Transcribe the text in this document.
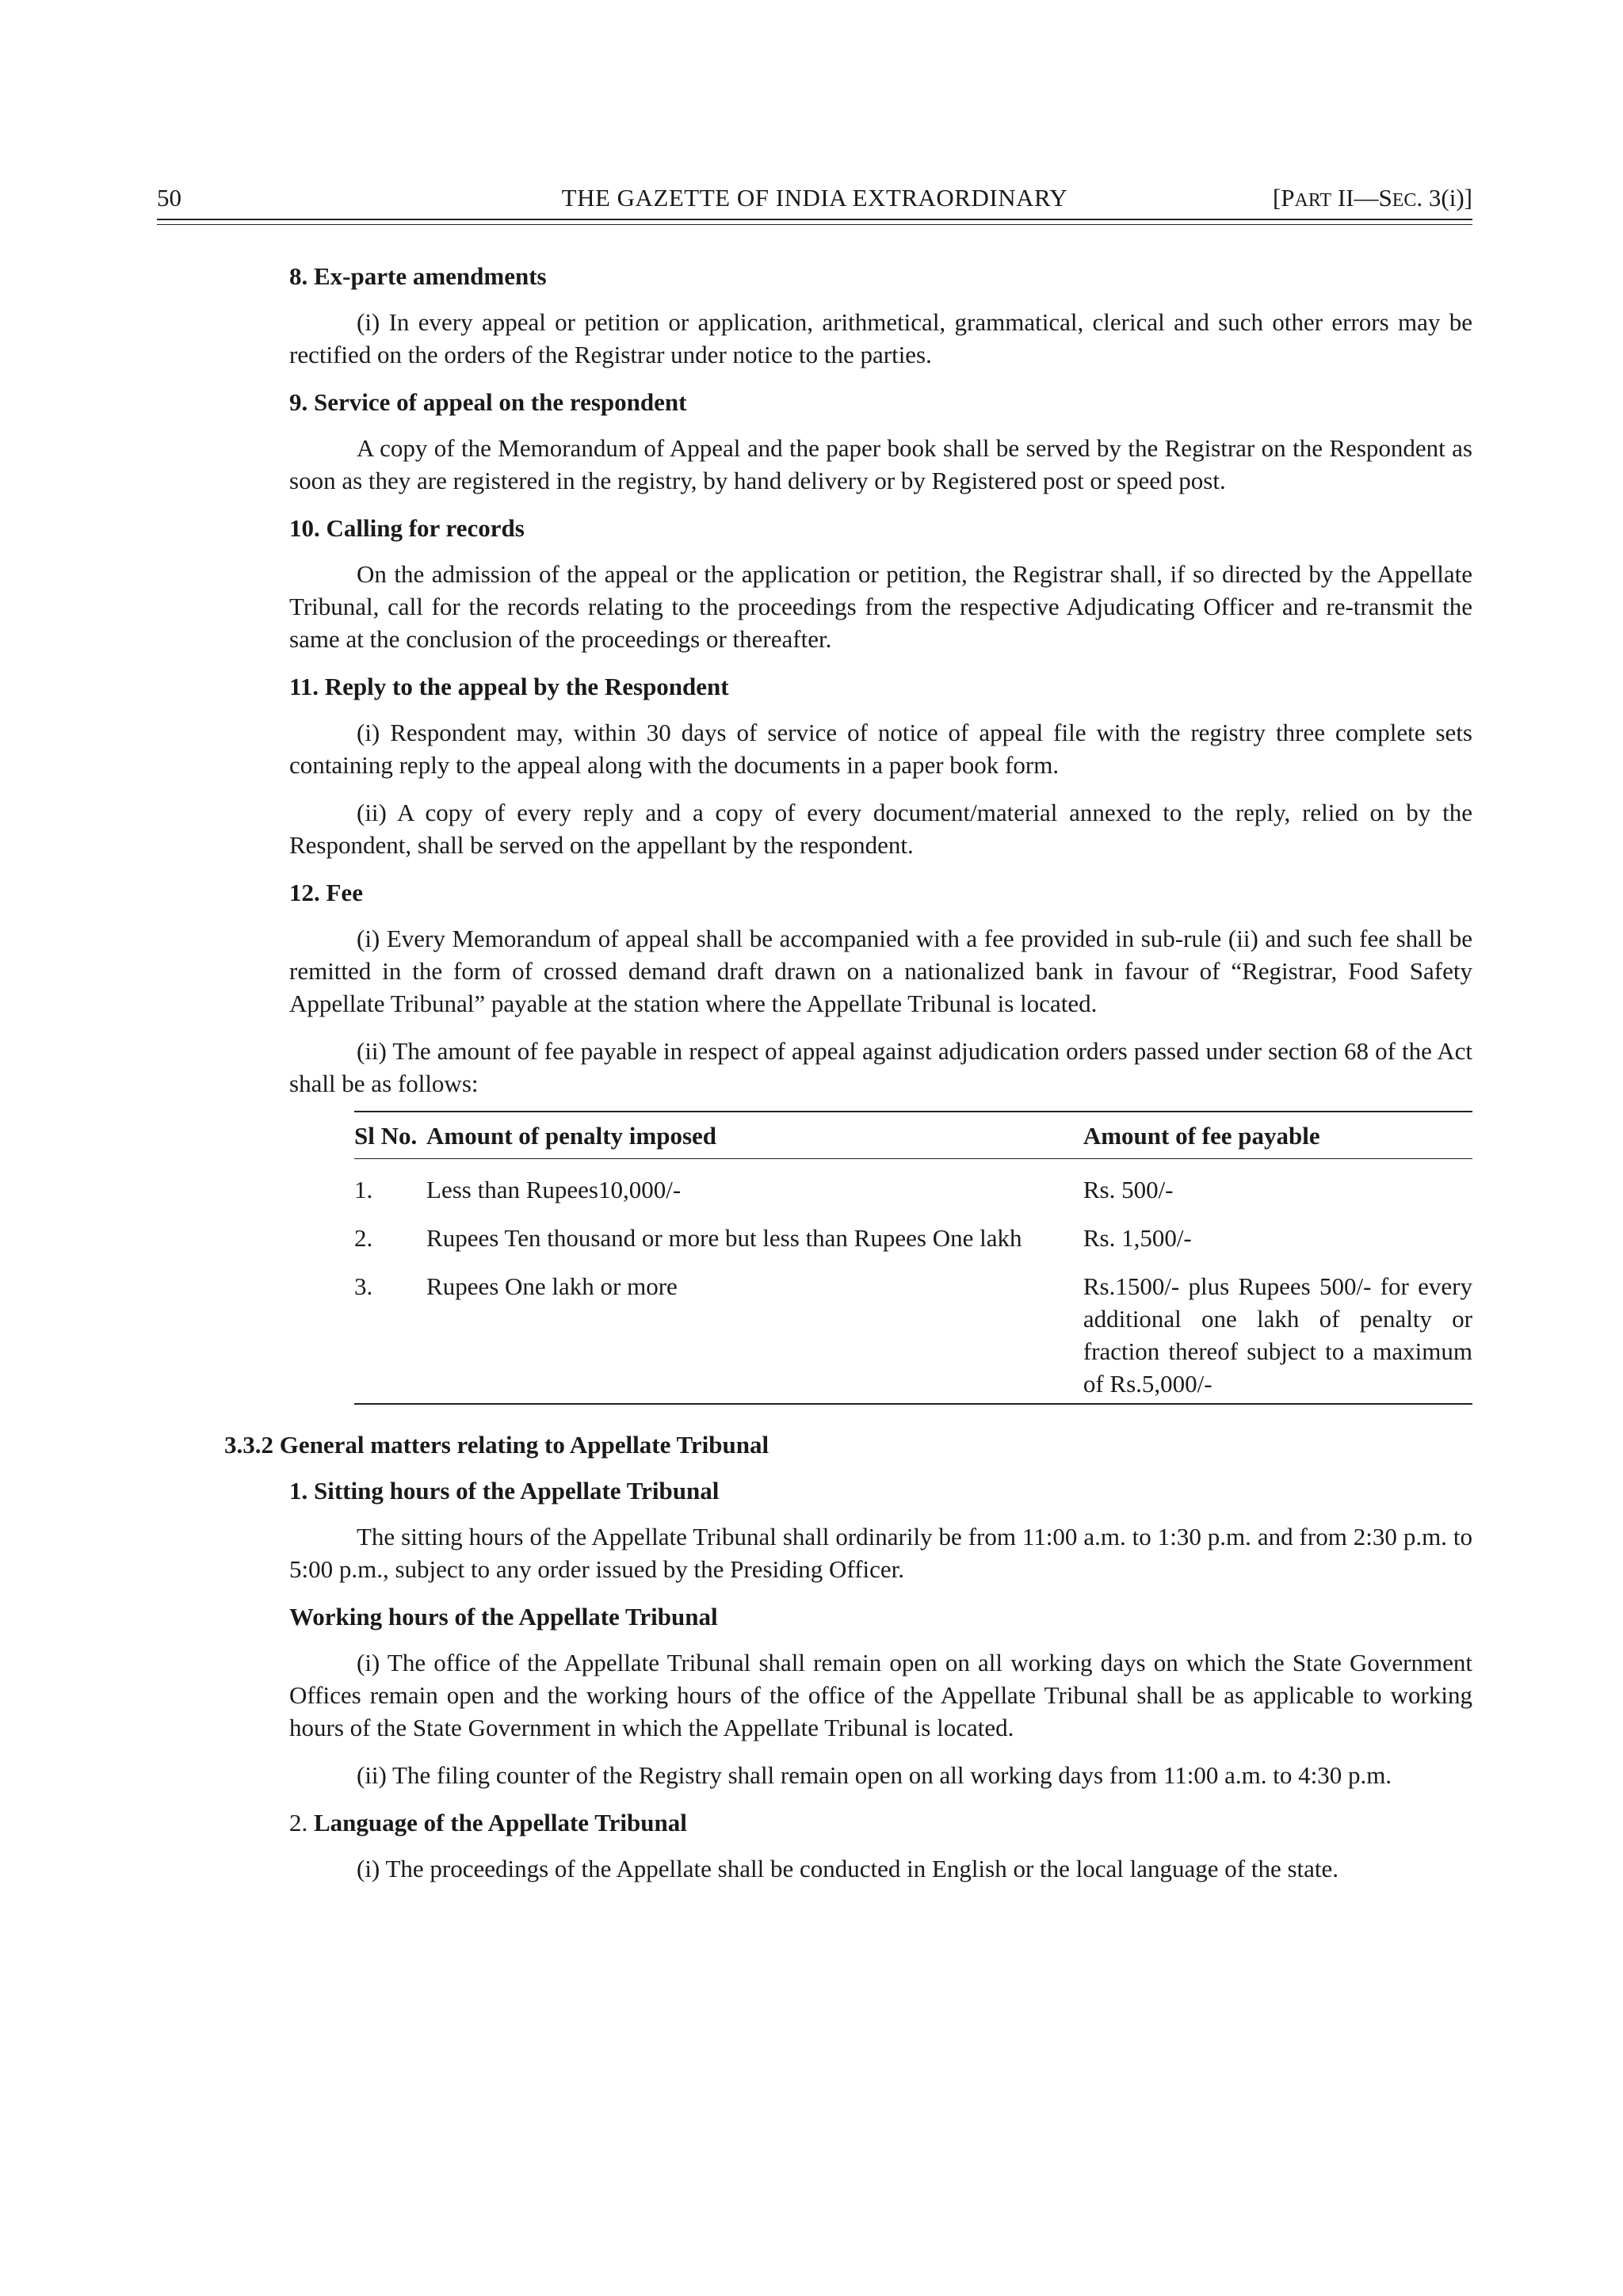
50	THE GAZETTE OF INDIA EXTRAORDINARY	[PART II—SEC. 3(i)]

8. Ex-parte amendments

(i) In every appeal or petition or application, arithmetical, grammatical, clerical and such other errors may be rectified on the orders of the Registrar under notice to the parties.

9. Service of appeal on the respondent

A copy of the Memorandum of Appeal and the paper book shall be served by the Registrar on the Respondent as soon as they are registered in the registry, by hand delivery or by Registered post or speed post.

10. Calling for records

On the admission of the appeal or the application or petition, the Registrar shall, if so directed by the Appellate Tribunal, call for the records relating to the proceedings from the respective Adjudicating Officer and re-transmit the same at the conclusion of the proceedings or thereafter.

11. Reply to the appeal by the Respondent

(i) Respondent may, within 30 days of service of notice of appeal file with the registry three complete sets containing reply to the appeal along with the documents in a paper book form.

(ii) A copy of every reply and a copy of every document/material annexed to the reply, relied on by the Respondent, shall be served on the appellant by the respondent.

12. Fee

(i) Every Memorandum of appeal shall be accompanied with a fee provided in sub-rule (ii) and such fee shall be remitted in the form of crossed demand draft drawn on a nationalized bank in favour of “Registrar, Food Safety Appellate Tribunal” payable at the station where the Appellate Tribunal is located.

(ii) The amount of fee payable in respect of appeal against adjudication orders passed under section 68 of the Act shall be as follows:

Sl No.	Amount of penalty imposed	Amount of fee payable
1.	Less than Rupees10,000/-	Rs. 500/-
2.	Rupees Ten thousand or more but less than Rupees One lakh	Rs. 1,500/-
3.	Rupees One lakh or more	Rs.1500/- plus Rupees 500/- for every additional one lakh of penalty or fraction thereof subject to a maximum of Rs.5,000/-

3.3.2 General matters relating to Appellate Tribunal

1. Sitting hours of the Appellate Tribunal

The sitting hours of the Appellate Tribunal shall ordinarily be from 11:00 a.m. to 1:30 p.m. and from 2:30 p.m. to 5:00 p.m., subject to any order issued by the Presiding Officer.

Working hours of the Appellate Tribunal

(i) The office of the Appellate Tribunal shall remain open on all working days on which the State Government Offices remain open and the working hours of the office of the Appellate Tribunal shall be as applicable to working hours of the State Government in which the Appellate Tribunal is located.

(ii) The filing counter of the Registry shall remain open on all working days from 11:00 a.m. to 4:30 p.m.

2. Language of the Appellate Tribunal

(i) The proceedings of the Appellate shall be conducted in English or the local language of the state.
